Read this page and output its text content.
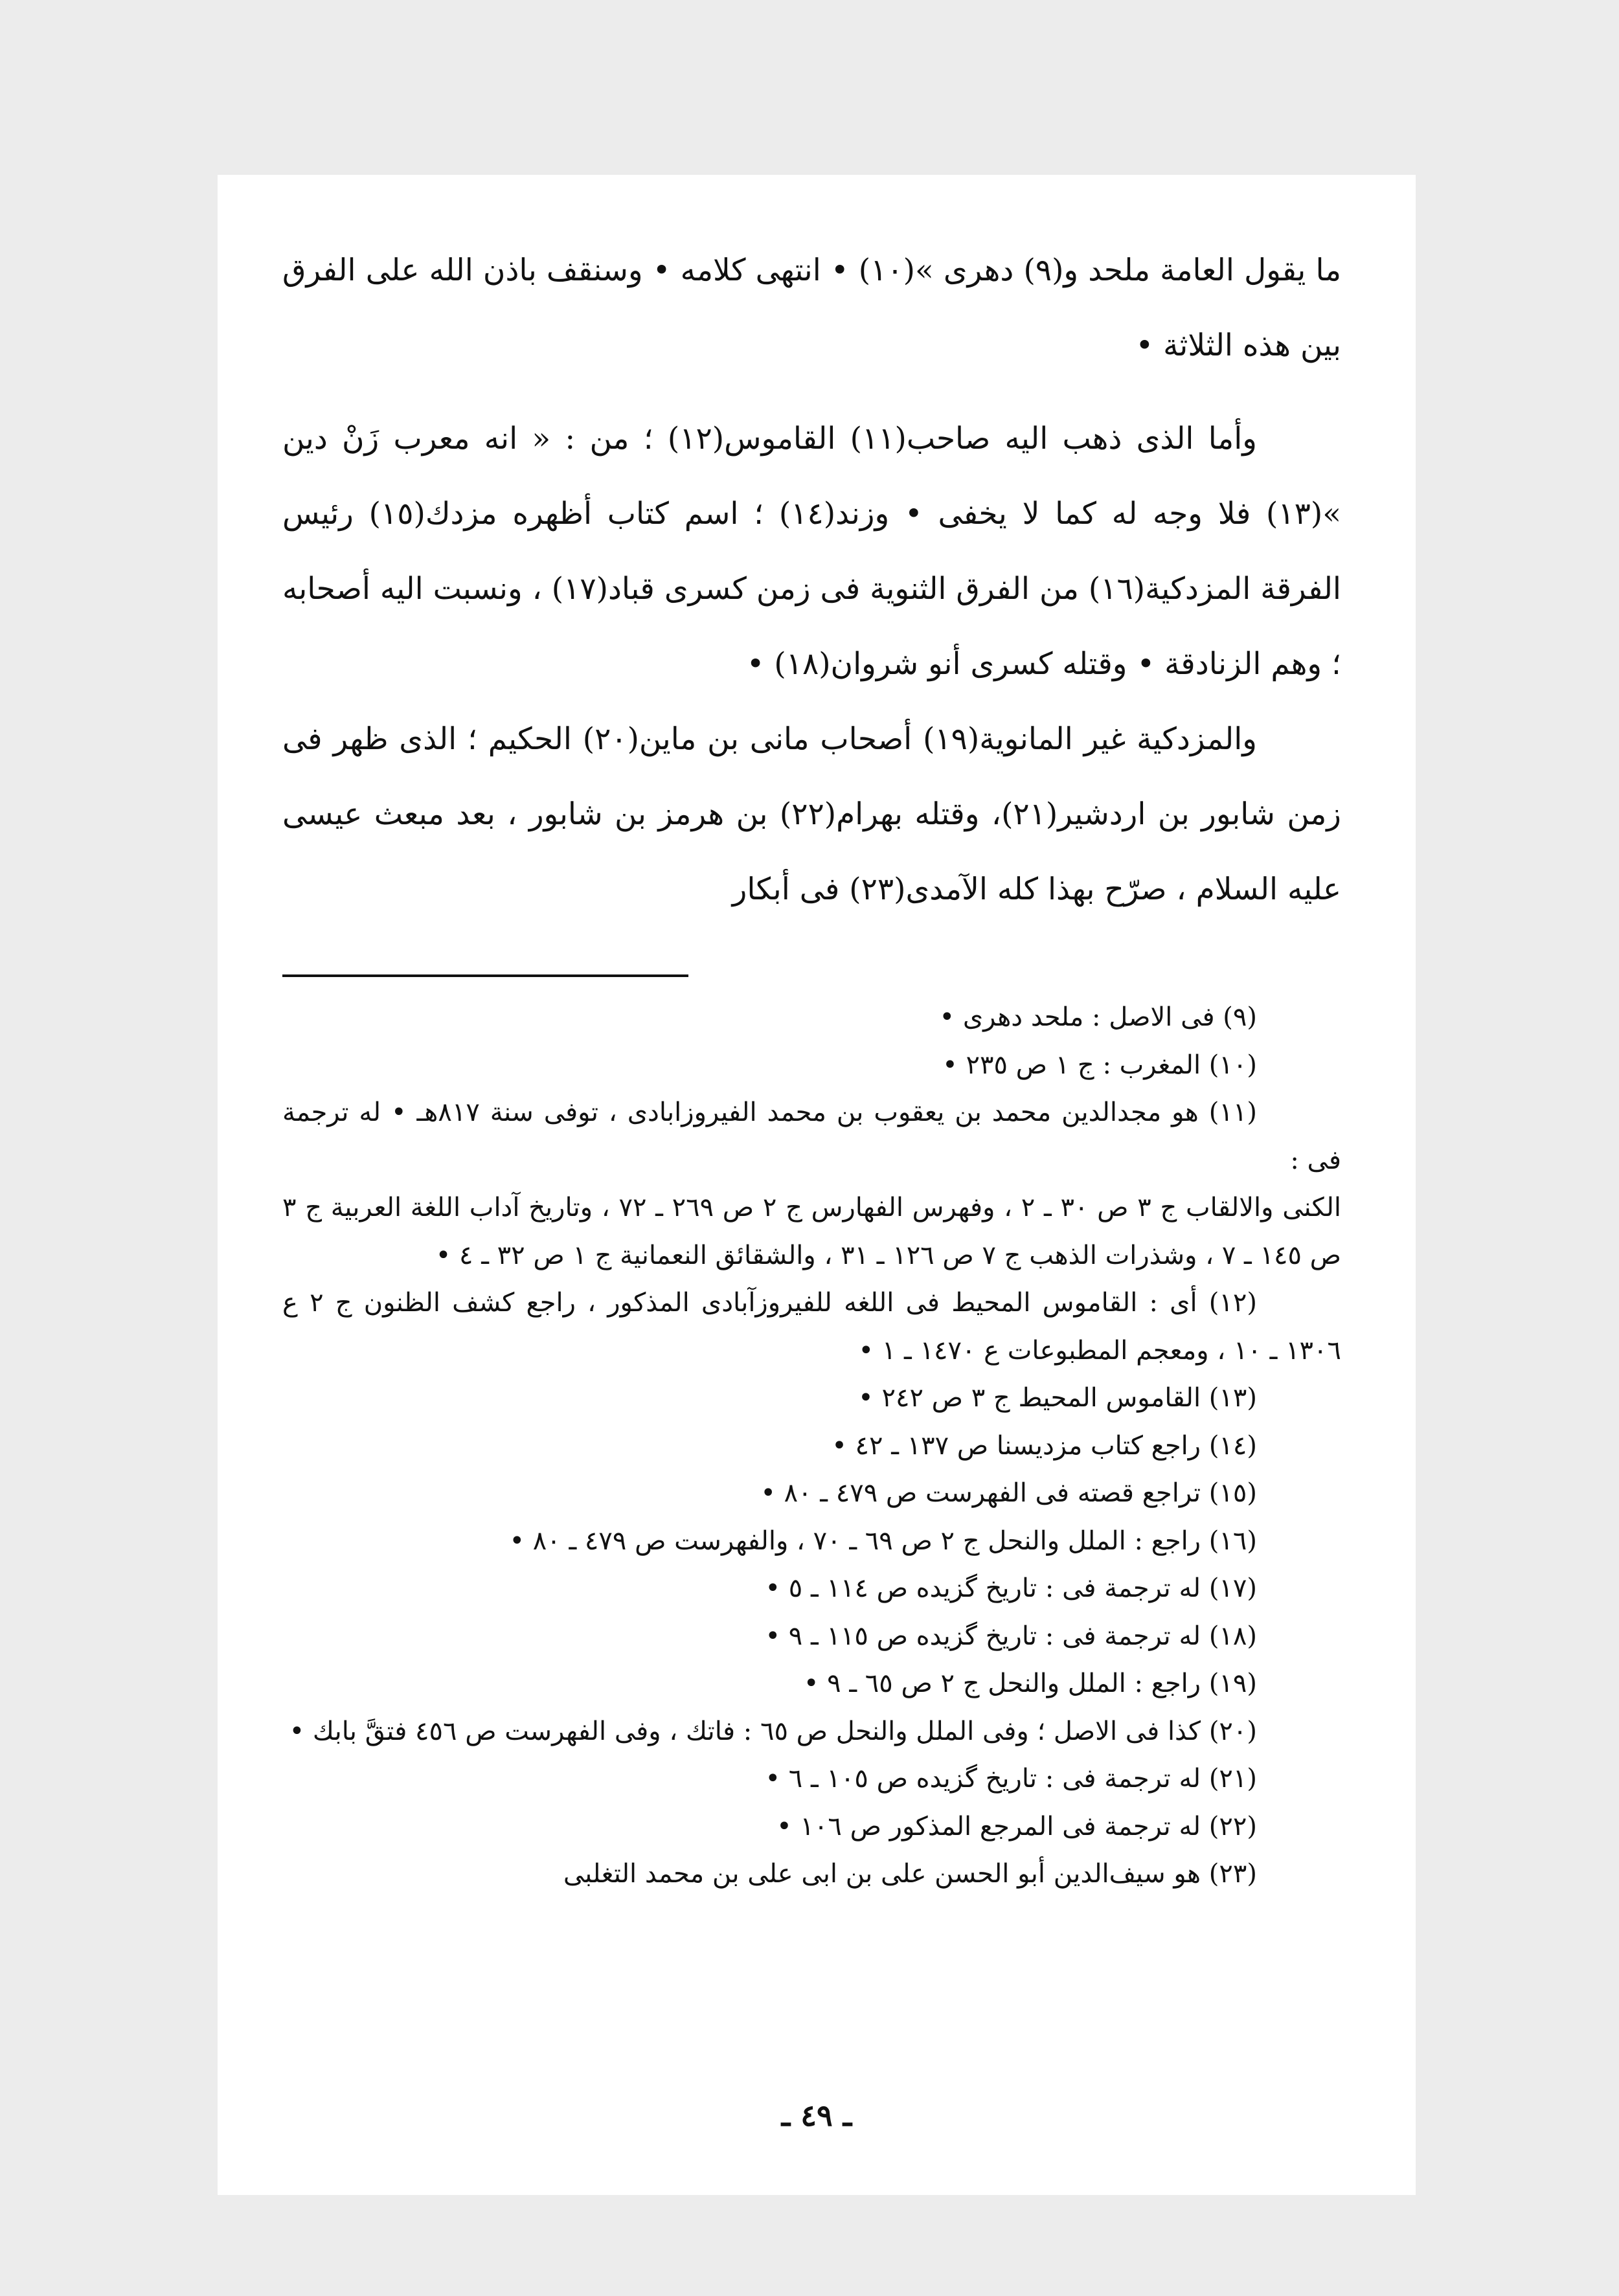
ما يقول العامة ملحد و(٩) دهرى »(١٠) • انتهى كلامه • وسنقف باذن الله على الفرق بين هذه الثلاثة •

وأما الذى ذهب اليه صاحب(١١) القاموس(١٢) ؛ من : « انه معرب زَنْ دين »(١٣) فلا وجه له كما لا يخفى • وزند(١٤) ؛ اسم كتاب أظهره مزدك(١٥) رئيس الفرقة المزدكية(١٦) من الفرق الثنوية فى زمن كسرى قباد(١٧) ، ونسبت اليه أصحابه ؛ وهم الزنادقة • وقتله كسرى أنو شروان(١٨) •

والمزدكية غير المانوية(١٩) أصحاب مانى بن ماين(٢٠) الحكيم ؛ الذى ظهر فى زمن شابور بن اردشير(٢١)، وقتله بهرام(٢٢) بن هرمز بن شابور ، بعد مبعث عيسى عليه السلام ، صرّح بهذا كله الآمدى(٢٣) فى أبكار

(٩) فى الاصل : ملحد دهرى •

(١٠) المغرب : ج ١ ص ٢٣٥ •

(١١) هو مجدالدين محمد بن يعقوب بن محمد الفيروزابادى ، توفى سنة ٨١٧هـ • له ترجمة فى :

الكنى والالقاب ج ٣ ص ٣٠ ـ ٢ ، وفهرس الفهارس ج ٢ ص ٢٦٩ ـ ٧٢ ، وتاريخ آداب اللغة العربية ج ٣ ص ١٤٥ ـ ٧ ، وشذرات الذهب ج ٧ ص ١٢٦ ـ ٣١ ، والشقائق النعمانية ج ١ ص ٣٢ ـ ٤ •

(١٢) أى : القاموس المحيط فى اللغه للفيروزآبادى المذكور ، راجع كشف الظنون ج ٢ ع ١٣٠٦ ـ ١٠ ، ومعجم المطبوعات ع ١٤٧٠ ـ ١ •

(١٣) القاموس المحيط ج ٣ ص ٢٤٢ •

(١٤) راجع كتاب مزديسنا ص ١٣٧ ـ ٤٢ •

(١٥) تراجع قصته فى الفهرست ص ٤٧٩ ـ ٨٠ •

(١٦) راجع : الملل والنحل ج ٢ ص ٦٩ ـ ٧٠ ، والفهرست ص ٤٧٩ ـ ٨٠ •

(١٧) له ترجمة فى : تاريخ گزيده ص ١١٤ ـ ٥ •

(١٨) له ترجمة فى : تاريخ گزيده ص ١١٥ ـ ٩ •

(١٩) راجع : الملل والنحل ج ٢ ص ٦٥ ـ ٩ •

(٢٠) كذا فى الاصل ؛ وفى الملل والنحل ص ٦٥ : فاتك ، وفى الفهرست ص ٤٥٦ فتقَّ بابك •

(٢١) له ترجمة فى : تاريخ گزيده ص ١٠٥ ـ ٦ •

(٢٢) له ترجمة فى المرجع المذكور ص ١٠٦ •

(٢٣) هو سيف‌الدين أبو الحسن على بن ابى على بن محمد التغلبى

ـ ٤٩ ـ
